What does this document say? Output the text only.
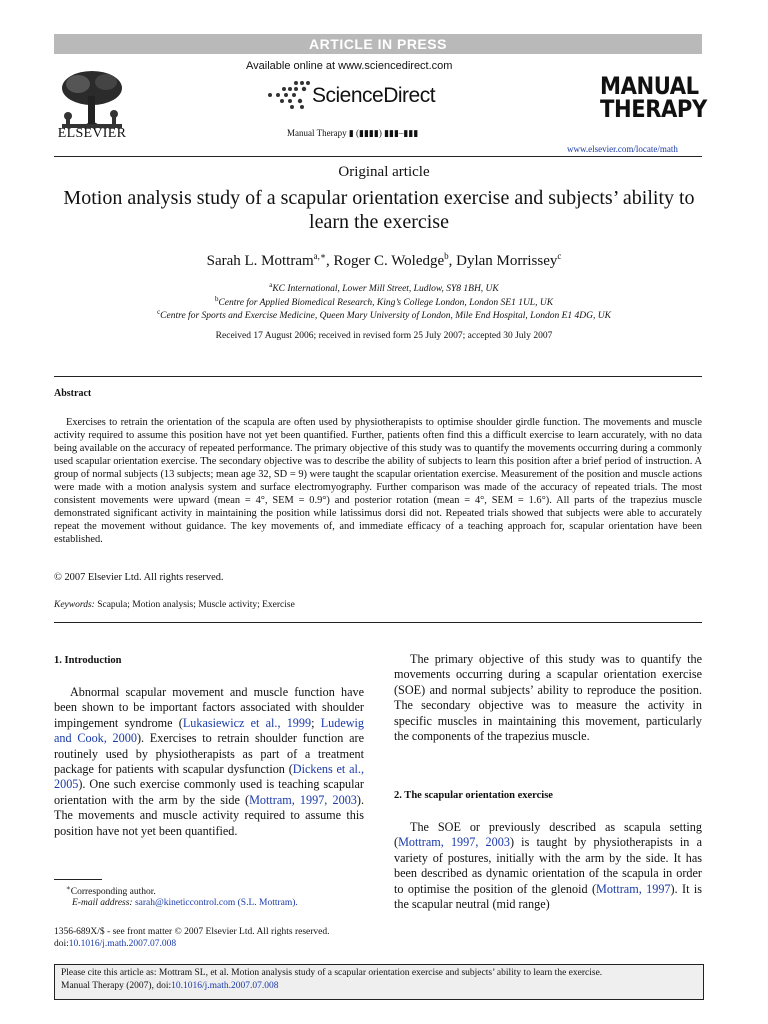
ARTICLE IN PRESS
ELSEVIER
Available online at www.sciencedirect.com
ScienceDirect
Manual Therapy ▮ (▮▮▮▮) ▮▮▮–▮▮▮
MANUAL
THERAPY
www.elsevier.com/locate/math
Original article
Motion analysis study of a scapular orientation exercise and subjects’ ability to learn the exercise
Sarah L. Mottram$^{a,∗}$, Roger C. Woledge$^b$, Dylan Morrissey$^c$
$^a$KC International, Lower Mill Street, Ludlow, SY8 1BH, UK
$^b$Centre for Applied Biomedical Research, King’s College London, London SE1 1UL, UK
$^c$Centre for Sports and Exercise Medicine, Queen Mary University of London, Mile End Hospital, London E1 4DG, UK
Received 17 August 2006; received in revised form 25 July 2007; accepted 30 July 2007
Abstract
Exercises to retrain the orientation of the scapula are often used by physiotherapists to optimise shoulder girdle function. The movements and muscle activity required to assume this position have not yet been quantified. Further, patients often find this a difficult exercise to learn accurately, with no data being available on the accuracy of repeated performance. The primary objective of this study was to quantify the movements occurring during a commonly used scapular orientation exercise. The secondary objective was to describe the ability of subjects to learn this position after a brief period of instruction. A group of normal subjects (13 subjects; mean age 32, SD = 9) were taught the scapular orientation exercise. Measurement of the position and muscle actions were made with a motion analysis system and surface electromyography. Further comparison was made of the accuracy of repeated trials. The most consistent movements were upward (mean = 4°, SEM = 0.9°) and posterior rotation (mean = 4°, SEM = 1.6°). All parts of the trapezius muscle demonstrated significant activity in maintaining the position while latissimus dorsi did not. Repeated trials showed that subjects were able to accurately repeat the movement without guidance. The key movements of, and immediate efficacy of a teaching approach for, scapular orientation have been established.
© 2007 Elsevier Ltd. All rights reserved.
Keywords: Scapula; Motion analysis; Muscle activity; Exercise
1. Introduction

Abnormal scapular movement and muscle function have been shown to be important factors associated with shoulder impingement syndrome (Lukasiewicz et al., 1999; Ludewig and Cook, 2000). Exercises to retrain shoulder function are routinely used by physiotherapists as part of a treatment package for patients with scapular dysfunction (Dickens et al., 2005). One such exercise commonly used is teaching scapular orientation with the arm by the side (Mottram, 1997, 2003). The movements and muscle activity required to assume this position have not yet been quantified.

∗Corresponding author.
E-mail address: sarah@kineticcontrol.com (S.L. Mottram).

The primary objective of this study was to quantify the movements occurring during a scapular orientation exercise (SOE) and normal subjects’ ability to reproduce the position. The secondary objective was to measure the activity in specific muscles in maintaining this movement, particularly the components of the trapezius muscle.

2. The scapular orientation exercise

The SOE or previously described as scapula setting (Mottram, 1997, 2003) is taught by physiotherapists in a variety of postures, initially with the arm by the side. It has been described as dynamic orientation of the scapula in order to optimise the position of the glenoid (Mottram, 1997). It is the scapular neutral (mid range)

1356-689X/$ - see front matter © 2007 Elsevier Ltd. All rights reserved.
doi:10.1016/j.math.2007.07.008
Please cite this article as: Mottram SL, et al. Motion analysis study of a scapular orientation exercise and subjects’ ability to learn the exercise.
Manual Therapy (2007), doi:10.1016/j.math.2007.07.008
